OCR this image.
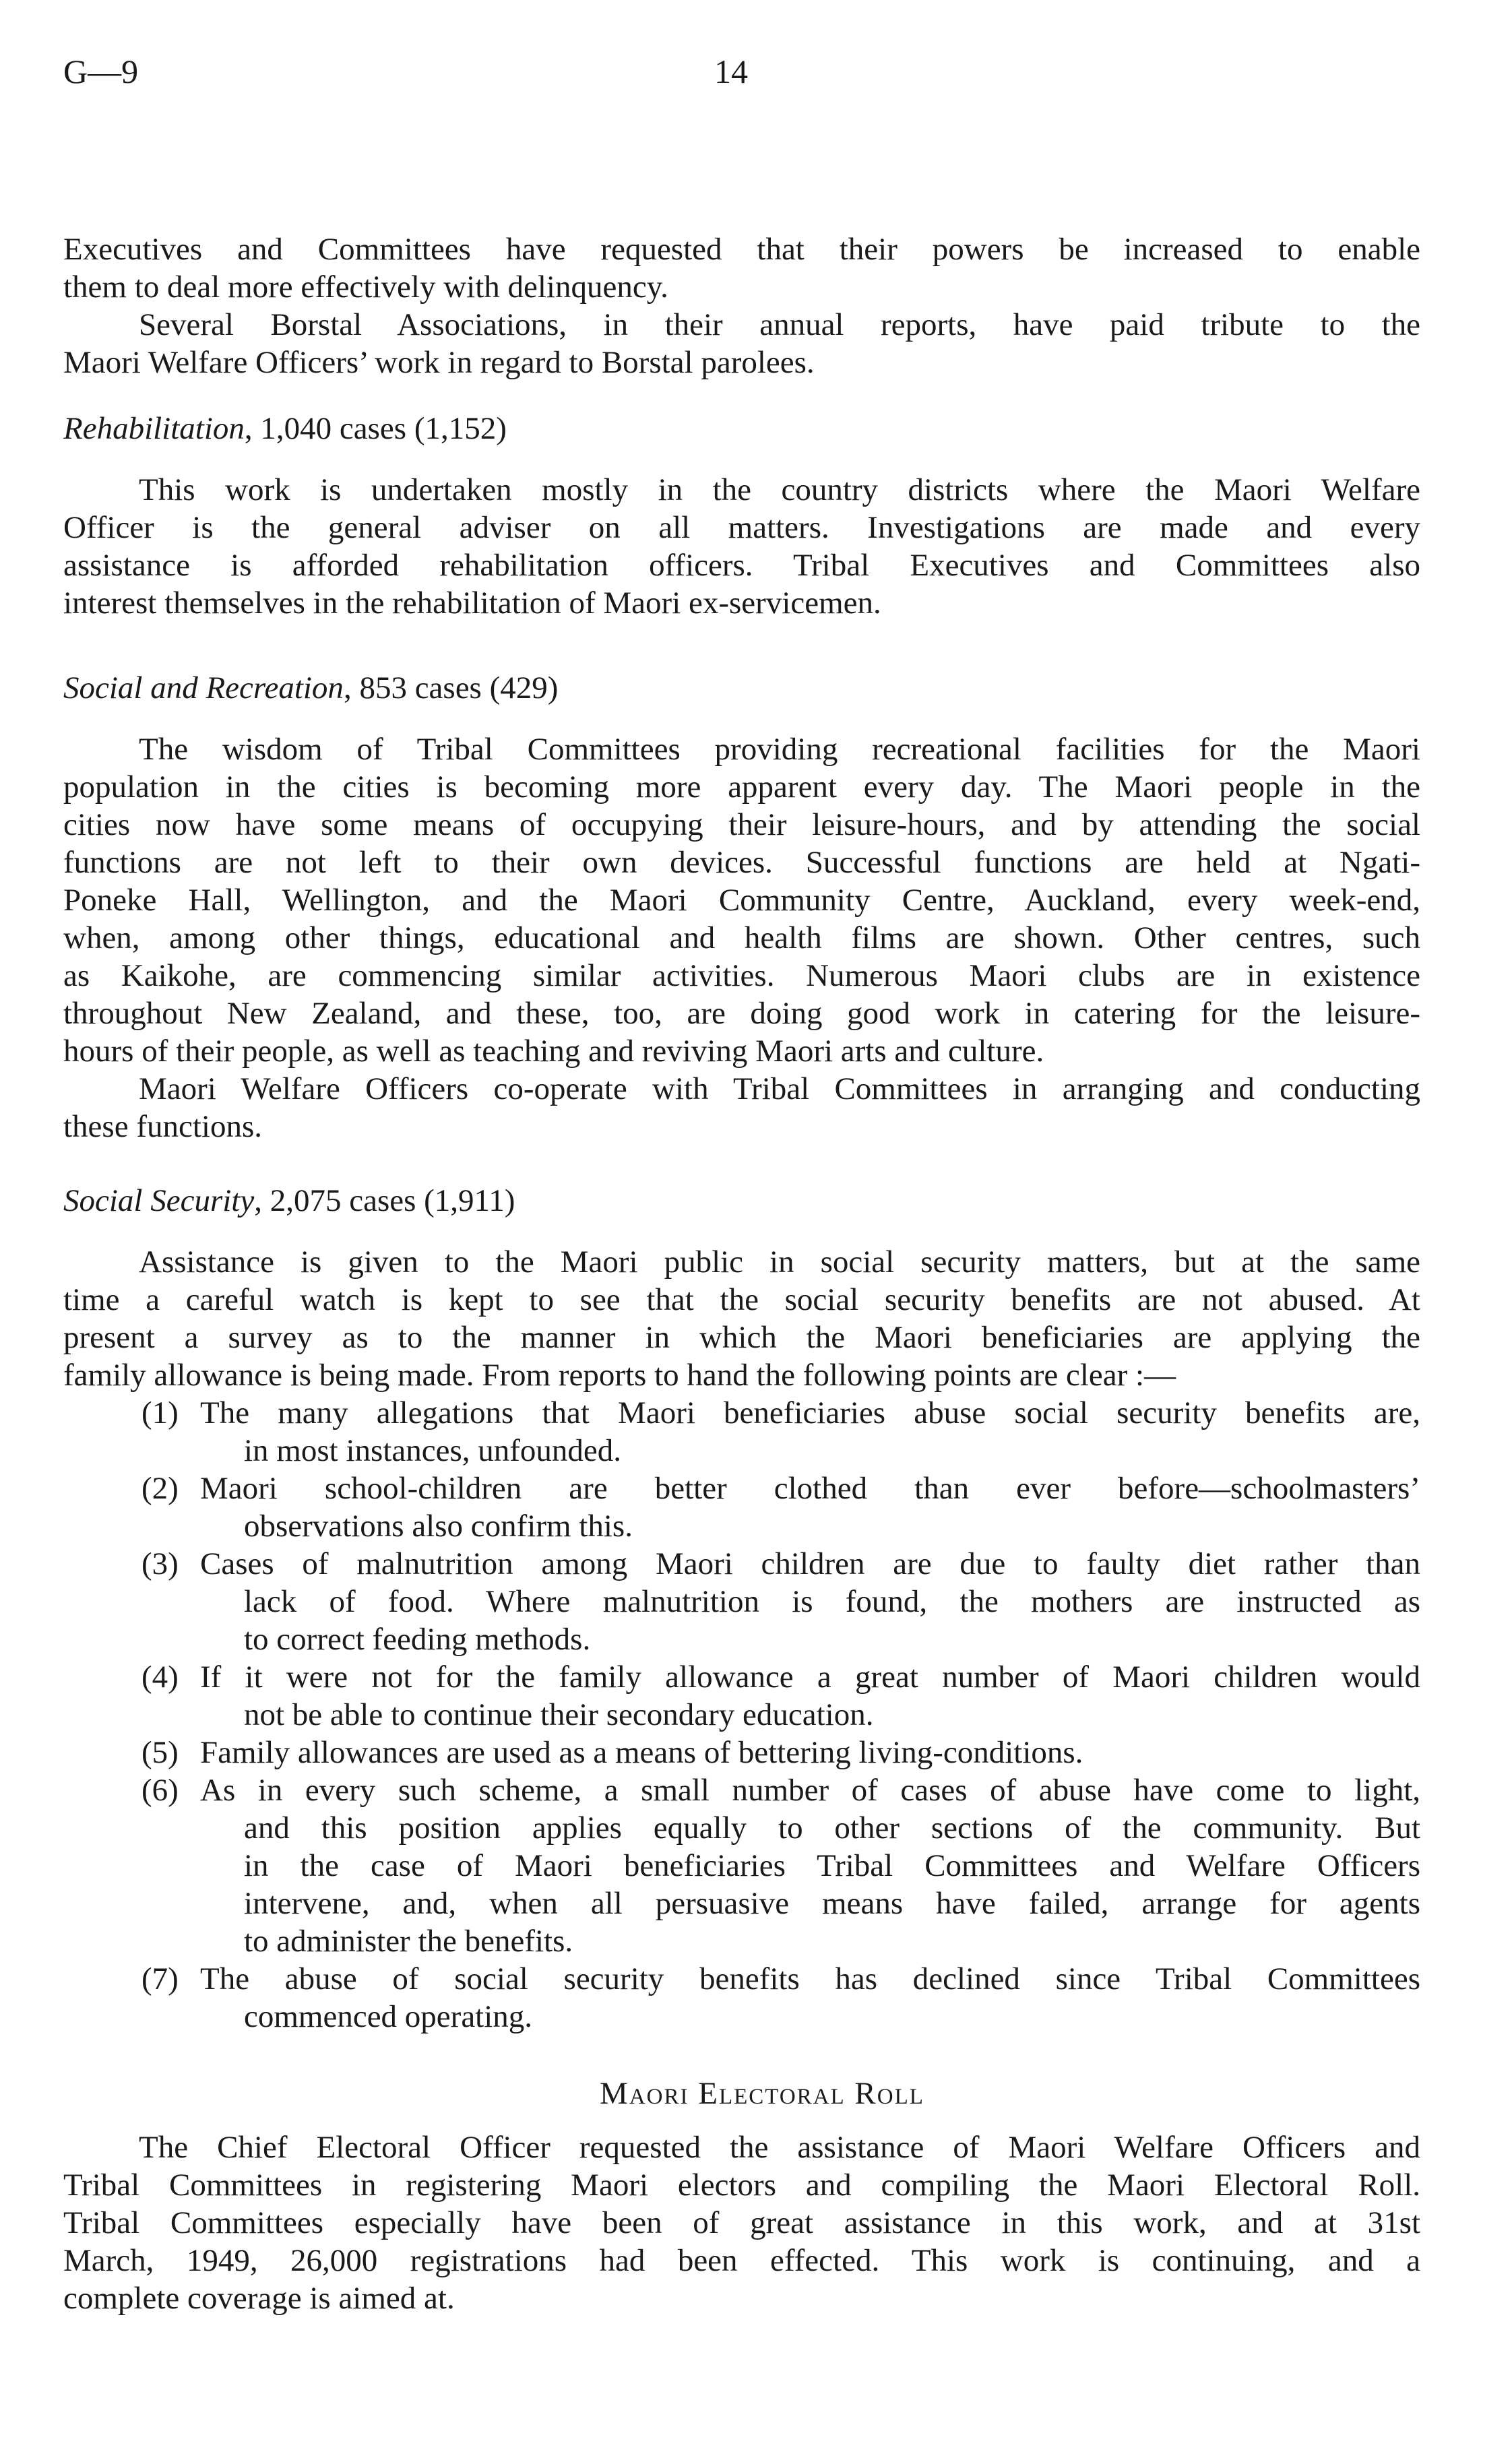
G—9	14
Executives and Committees have requested that their powers be increased to enable
them to deal more effectively with delinquency.
Several Borstal Associations, in their annual reports, have paid tribute to the
Maori Welfare Officers’ work in regard to Borstal parolees.
Rehabilitation, 1,040 cases (1,152)
This work is undertaken mostly in the country districts where the Maori Welfare
Officer is the general adviser on all matters. Investigations are made and every
assistance is afforded rehabilitation officers. Tribal Executives and Committees also
interest themselves in the rehabilitation of Maori ex-servicemen.
Social and Recreation, 853 cases (429)
The wisdom of Tribal Committees providing recreational facilities for the Maori
population in the cities is becoming more apparent every day. The Maori people in the
cities now have some means of occupying their leisure-hours, and by attending the social
functions are not left to their own devices. Successful functions are held at Ngati-
Poneke Hall, Wellington, and the Maori Community Centre, Auckland, every week-end,
when, among other things, educational and health films are shown. Other centres, such
as Kaikohe, are commencing similar activities. Numerous Maori clubs are in existence
throughout New Zealand, and these, too, are doing good work in catering for the leisure-
hours of their people, as well as teaching and reviving Maori arts and culture.
Maori Welfare Officers co-operate with Tribal Committees in arranging and conducting
these functions.
Social Security, 2,075 cases (1,911)
Assistance is given to the Maori public in social security matters, but at the same
time a careful watch is kept to see that the social security benefits are not abused. At
present a survey as to the manner in which the Maori beneficiaries are applying the
family allowance is being made. From reports to hand the following points are clear :—
(1) The many allegations that Maori beneficiaries abuse social security benefits are,
in most instances, unfounded.
(2) Maori school-children are better clothed than ever before—schoolmasters’
observations also confirm this.
(3) Cases of malnutrition among Maori children are due to faulty diet rather than
lack of food. Where malnutrition is found, the mothers are instructed as
to correct feeding methods.
(4) If it were not for the family allowance a great number of Maori children would
not be able to continue their secondary education.
(5) Family allowances are used as a means of bettering living-conditions.
(6) As in every such scheme, a small number of cases of abuse have come to light,
and this position applies equally to other sections of the community. But
in the case of Maori beneficiaries Tribal Committees and Welfare Officers
intervene, and, when all persuasive means have failed, arrange for agents
to administer the benefits.
(7) The abuse of social security benefits has declined since Tribal Committees
commenced operating.
Maori Electoral Roll
The Chief Electoral Officer requested the assistance of Maori Welfare Officers and
Tribal Committees in registering Maori electors and compiling the Maori Electoral Roll.
Tribal Committees especially have been of great assistance in this work, and at 31st
March, 1949, 26,000 registrations had been effected. This work is continuing, and a
complete coverage is aimed at.
